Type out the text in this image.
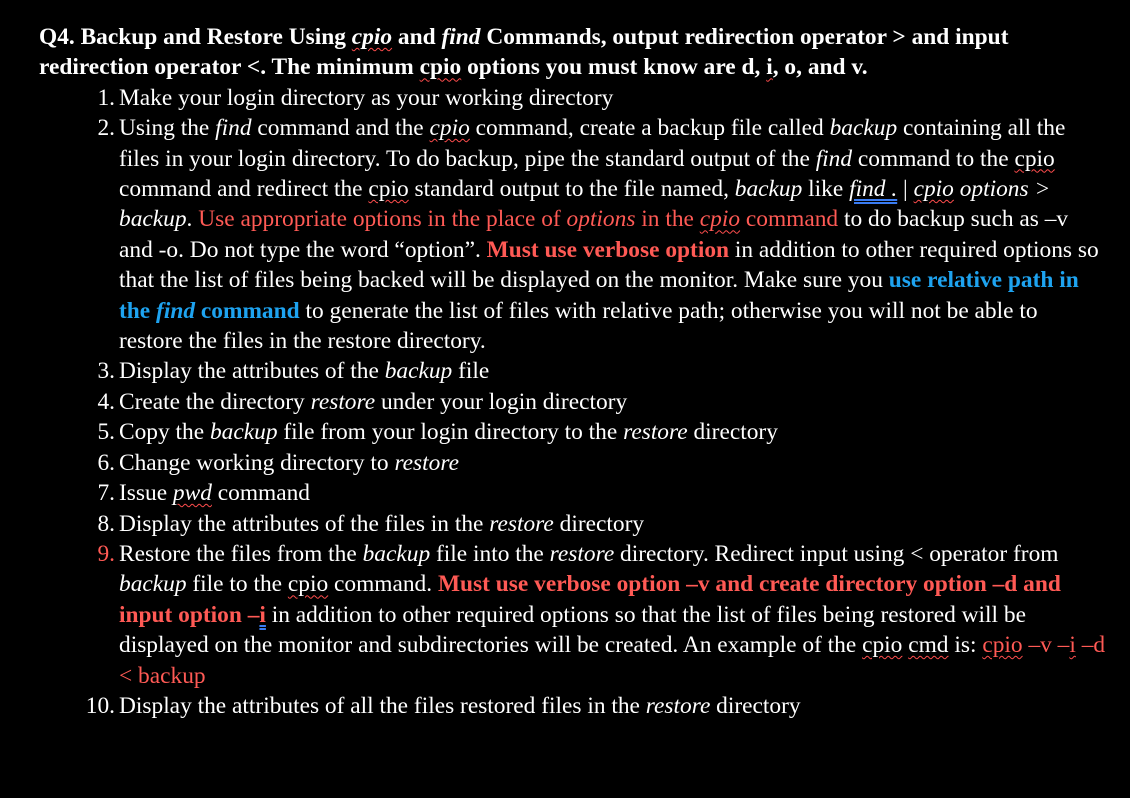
Q4. Backup and Restore Using cpio and find Commands, output redirection operator > and input redirection operator <. The minimum cpio options you must know are d, i, o, and v.

1. Make your login directory as your working directory
2. Using the find command and the cpio command, create a backup file called backup containing all the files in your login directory. To do backup, pipe the standard output of the find command to the cpio command and redirect the cpio standard output to the file named, backup like find . | cpio options > backup. Use appropriate options in the place of options in the cpio command to do backup such as –v and -o. Do not type the word “option”. Must use verbose option in addition to other required options so that the list of files being backed will be displayed on the monitor. Make sure you use relative path in the find command to generate the list of files with relative path; otherwise you will not be able to restore the files in the restore directory.
3. Display the attributes of the backup file
4. Create the directory restore under your login directory
5. Copy the backup file from your login directory to the restore directory
6. Change working directory to restore
7. Issue pwd command
8. Display the attributes of the files in the restore directory
9. Restore the files from the backup file into the restore directory. Redirect input using < operator from backup file to the cpio command. Must use verbose option –v and create directory option –d and input option –i in addition to other required options so that the list of files being restored will be displayed on the monitor and subdirectories will be created. An example of the cpio cmd is: cpio –v –i –d < backup
10. Display the attributes of all the files restored files in the restore directory
